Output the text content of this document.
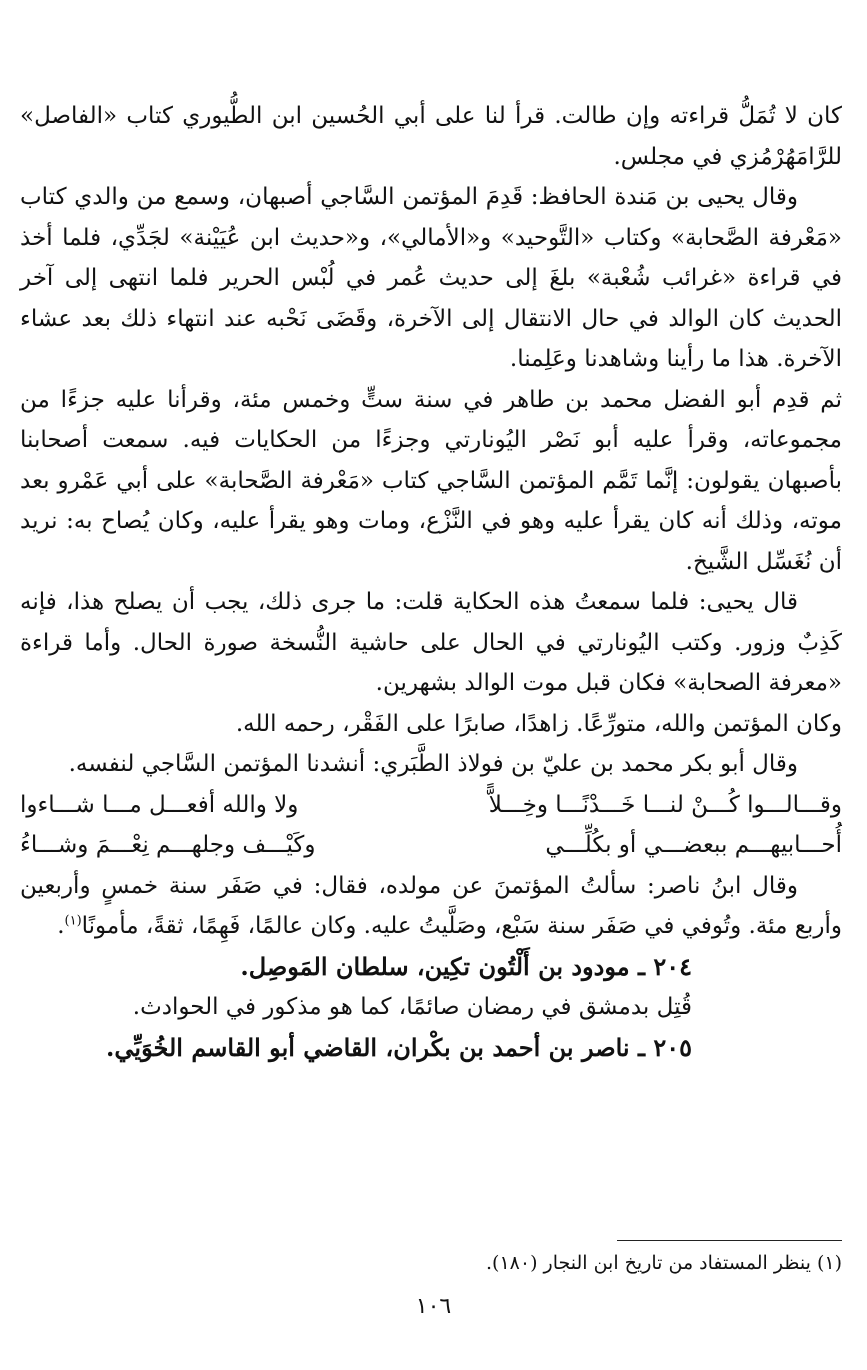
كان لا تُمَلُّ قراءته وإن طالت. قرأ لنا على أبي الحُسين ابن الطُّيوري كتاب «الفاصل» للرَّامَهُرْمُزي في مجلس.

وقال يحيى بن مَندة الحافظ: قَدِمَ المؤتمن السَّاجي أصبهان، وسمع من والدي كتاب «مَعْرفة الصَّحابة» وكتاب «التَّوحيد» و«الأمالي»، و«حديث ابن عُيَيْنة» لجَدِّي، فلما أخذ في قراءة «غرائب شُعْبة» بلغَ إلى حديث عُمر في لُبْس الحرير فلما انتهى إلى آخر الحديث كان الوالد في حال الانتقال إلى الآخرة، وقَضَى نَحْبه عند انتهاء ذلك بعد عشاء الآخرة. هذا ما رأينا وشاهدنا وعَلِمنا.

ثم قدِم أبو الفضل محمد بن طاهر في سنة ستٍّ وخمس مئة، وقرأنا عليه جزءًا من مجموعاته، وقرأ عليه أبو نَصْر اليُونارتي وجزءًا من الحكايات فيه. سمعت أصحابنا بأصبهان يقولون: إنَّما تَمَّم المؤتمن السَّاجي كتاب «مَعْرفة الصَّحابة» على أبي عَمْرو بعد موته، وذلك أنه كان يقرأ عليه وهو في النَّزْع، ومات وهو يقرأ عليه، وكان يُصاح به: نريد أن نُغَسِّل الشَّيخ.

قال يحيى: فلما سمعتُ هذه الحكاية قلت: ما جرى ذلك، يجب أن يصلح هذا، فإنه كَذِبٌ وزور. وكتب اليُونارتي في الحال على حاشية النُّسخة صورة الحال. وأما قراءة «معرفة الصحابة» فكان قبل موت الوالد بشهرين.

وكان المؤتمن والله، متورِّعًا. زاهدًا، صابرًا على الفَقْر، رحمه الله.

وقال أبو بكر محمد بن عليّ بن فولاذ الطَّبَري: أنشدنا المؤتمن السَّاجي لنفسه.

وقـــالـــوا كُـــنْ لنـــا خَـــدْنًـــا وخِـــلاًّ
ولا والله أفعـــل مـــا شـــاءوا
أُحـــابيهـــم ببعضـــي أو بكُلِّـــي
وكَيْـــف وجلهـــم نِعْـــمَ وشـــاءُ

وقال ابنُ ناصر: سألتُ المؤتمنَ عن مولده، فقال: في صَفَر سنة خمسٍ وأربعين وأربع مئة. وتُوفي في صَفَر سنة سَبْع، وصَلَّيتُ عليه. وكان عالمًا، فَهِمًا، ثقةً، مأمونًا$^{(١)}$.

٢٠٤ ـ مودود بن أَلْتُون تكِين، سلطان المَوصِل.

قُتِل بدمشق في رمضان صائمًا، كما هو مذكور في الحوادث.

٢٠٥ ـ ناصر بن أحمد بن بكْران، القاضي أبو القاسم الخُوَيِّي.

(١) ينظر المستفاد من تاريخ ابن النجار (١٨٠).
١٠٦
